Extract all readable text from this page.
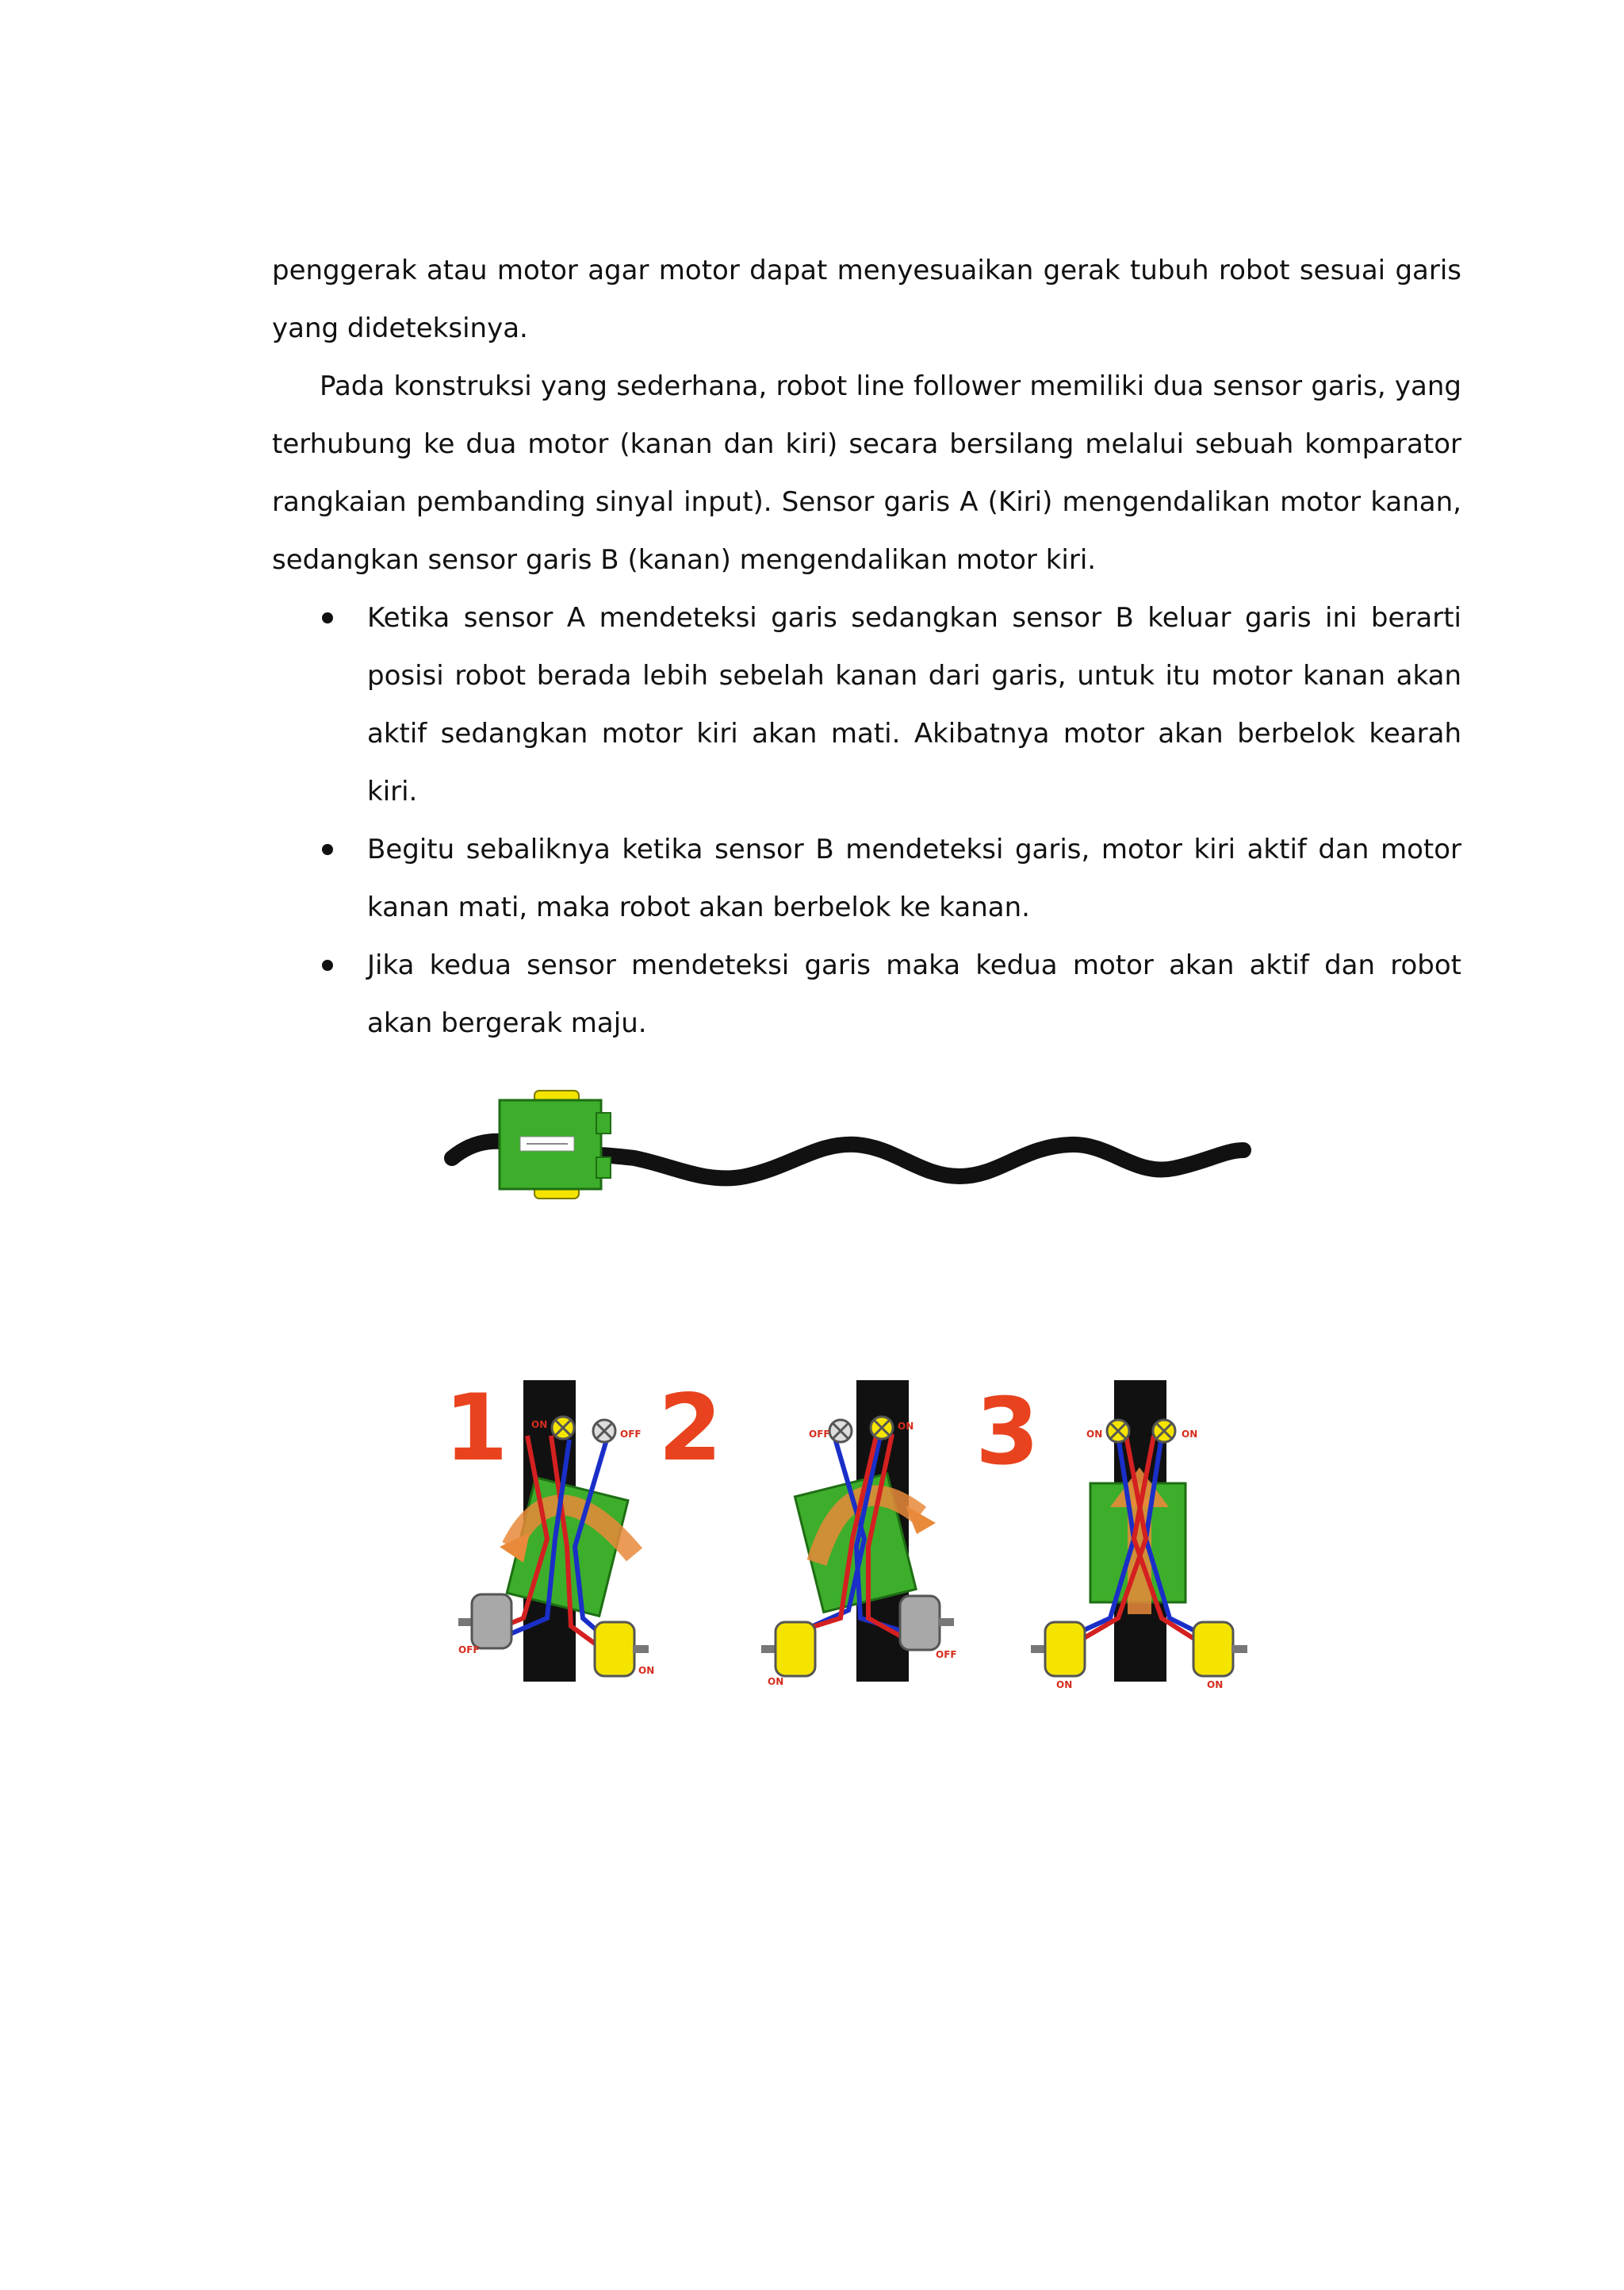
penggerak atau motor agar motor dapat menyesuaikan gerak tubuh robot sesuai garis yang dideteksinya.

Pada konstruksi yang sederhana, robot line follower memiliki dua sensor garis, yang terhubung ke dua motor (kanan dan kiri) secara bersilang melalui sebuah komparator rangkaian pembanding sinyal input). Sensor garis A (Kiri) mengendalikan motor kanan, sedangkan sensor garis B (kanan) mengendalikan motor kiri.

Ketika sensor A mendeteksi garis sedangkan sensor B keluar garis ini berarti posisi robot berada lebih sebelah kanan dari garis, untuk itu motor kanan akan aktif sedangkan motor kiri akan mati. Akibatnya motor akan berbelok kearah kiri.
Begitu sebaliknya ketika sensor B mendeteksi garis, motor kiri aktif dan motor kanan mati, maka robot akan berbelok ke kanan.
Jika kedua sensor mendeteksi garis maka kedua motor akan aktif dan robot akan bergerak maju.
1 ON
OFF
OFF
ON
2	OFF
ON
ON
OFF
3	ON	ON
ON	ON
